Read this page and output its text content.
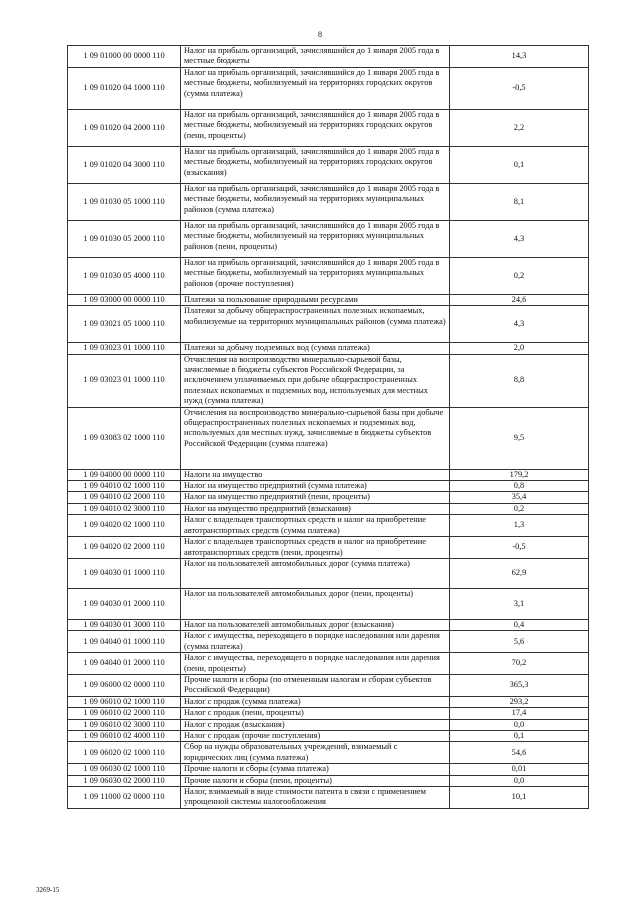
8
1 09 01000 00 0000 110	Налог на прибыль организаций, зачислявшийся до 1 января 2005 года в местные бюджеты	14,3
1 09 01020 04 1000 110	Налог на прибыль организаций, зачислявшийся до 1 января 2005 года в местные бюджеты, мобилизуемый на территориях городских округов (сумма платежа)	-0,5
1 09 01020 04 2000 110	Налог на прибыль организаций, зачислявшийся до 1 января 2005 года в местные бюджеты, мобилизуемый на территориях городских округов (пени, проценты)	2,2
1 09 01020 04 3000 110	Налог на прибыль организаций, зачислявшийся до 1 января 2005 года в местные бюджеты, мобилизуемый на территориях городских округов (взыскания)	0,1
1 09 01030 05 1000 110	Налог на прибыль организаций, зачислявшийся до 1 января 2005 года в местные бюджеты, мобилизуемый на территориях муниципальных районов (сумма платежа)	8,1
1 09 01030 05 2000 110	Налог на прибыль организаций, зачислявшийся до 1 января 2005 года в местные бюджеты, мобилизуемый на территориях муниципальных районов (пени, проценты)	4,3
1 09 01030 05 4000 110	Налог на прибыль организаций, зачислявшийся до 1 января 2005 года в местные бюджеты, мобилизуемый на территориях муниципальных районов (прочие поступления)	0,2
1 09 03000 00 0000 110	Платежи за пользование природными ресурсами	24,6
1 09 03021 05 1000 110	Платежи за добычу общераспространенных полезных ископаемых, мобилизуемые на территориях муниципальных районов (сумма платежа)	4,3
1 09 03023 01 1000 110	Платежи за добычу подземных вод (сумма платежа)	2,0
1 09 03023 01 1000 110	Отчисления на воспроизводство минерально-сырьевой базы, зачисляемые в бюджеты субъектов Российской Федерации, за исключением уплачиваемых при добыче общераспространенных полезных ископаемых и подземных вод, используемых для местных нужд (сумма платежа)	8,8
1 09 03083 02 1000 110	Отчисления на воспроизводство минерально-сырьевой базы при добыче общераспространенных полезных ископаемых и подземных вод, используемых для местных нужд, зачисляемые в бюджеты субъектов Российской Федерации (сумма платежа)	9,5
1 09 04000 00 0000 110	Налоги на имущество	179,2
1 09 04010 02 1000 110	Налог на имущество предприятий (сумма платежа)	0,8
1 09 04010 02 2000 110	Налог на имущество предприятий (пени, проценты)	35,4
1 09 04010 02 3000 110	Налог на имущество предприятий (взыскания)	0,2
1 09 04020 02 1000 110	Налог с владельцев транспортных средств и налог на приобретение автотранспортных средств (сумма платежа)	1,3
1 09 04020 02 2000 110	Налог с владельцев транспортных средств и налог на приобретение автотранспортных средств (пени, проценты)	-0,5
1 09 04030 01 1000 110	Налог на пользователей автомобильных дорог (сумма платежа)	62,9
1 09 04030 01 2000 110	Налог на пользователей автомобильных дорог (пени, проценты)	3,1
1 09 04030 01 3000 110	Налог на пользователей автомобильных дорог (взыскания)	0,4
1 09 04040 01 1000 110	Налог с имущества, переходящего в порядке наследования или дарения (сумма платежа)	5,6
1 09 04040 01 2000 110	Налог с имущества, переходящего в порядке наследования или дарения (пени, проценты)	70,2
1 09 06000 02 0000 110	Прочие налоги и сборы (по отмененным налогам и сборам субъектов Российской Федерации)	365,3
1 09 06010 02 1000 110	Налог с продаж (сумма платежа)	293,2
1 09 06010 02 2000 110	Налог с продаж (пени, проценты)	17,4
1 09 06010 02 3000 110	Налог с продаж (взыскания)	0,0
1 09 06010 02 4000 110	Налог с продаж (прочие поступления)	0,1
1 09 06020 02 1000 110	Сбор на нужды образовательных учреждений, взимаемый с юридических лиц (сумма платежа)	54,6
1 09 06030 02 1000 110	Прочие налоги и сборы (сумма платежа)	0,01
1 09 06030 02 2000 110	Прочие налоги и сборы (пени, проценты)	0,0
1 09 11000 02 0000 110	Налог, взимаемый в виде стоимости патента в связи с применением упрощенной системы налогообложения	10,1
3269-15
